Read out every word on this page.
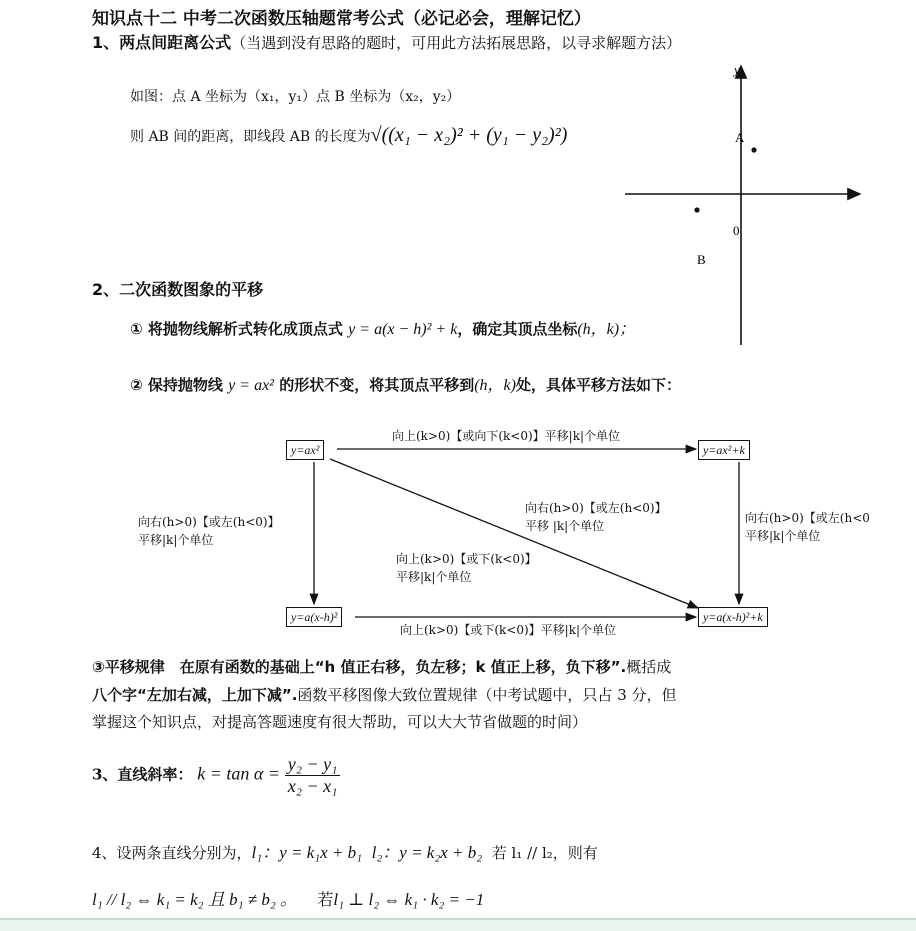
知识点十二 中考二次函数压轴题常考公式（必记必会，理解记忆）
1、两点间距离公式（当遇到没有思路的题时，可用此方法拓展思路，以寻求解题方法）
如图：点 A 坐标为（x₁，y₁）点 B 坐标为（x₂，y₂）
则 AB 间的距离，即线段 AB 的长度为√((x₁ − x₂)² + (y₁ − y₂)²)
y
A
0
B
2、二次函数图象的平移
① 将抛物线解析式转化成顶点式 y = a(x − h)² + k，确定其顶点坐标(h，k)；
② 保持抛物线 y = ax² 的形状不变，将其顶点平移到(h，k)处，具体平移方法如下：
y=ax²	y=ax²+k
y=a(x-h)²	y=a(x-h)²+k
向上(k>0)【或向下(k<0)】平移|k|个单位
向上(k>0)【或下(k<0)】平移|k|个单位
向右(h>0)【或左(h<0)】
平移|k|个单位
向右(h>0)【或左(h<0
平移|k|个单位
向右(h>0)【或左(h<0)】
平移 |k|个单位
向上(k>0)【或下(k<0)】
平移|k|个单位
③平移规律　在原有函数的基础上“h 值正右移，负左移；k 值正上移，负下移”.概括成
八个字“左加右减，上加下减”.函数平移图像大致位置规律（中考试题中，只占 3 分，但
掌握这个知识点，对提高答题速度有很大帮助，可以大大节省做题的时间）
3、直线斜率： $k = \tan \alpha = \frac{\text{y₂ − y₁}}{\text{x₂ − x₁}}$
4、设两条直线分别为，l₁：y = k₁x + b₁ l₂：y = k₂x + b₂ 若 l₁ // l₂，则有
l₁ // l₂ ⇔ k₁ = k₂ 且 b₁ ≠ b₂ 。 若l₁ ⊥ l₂ ⇔ k₁ · k₂ = −1
